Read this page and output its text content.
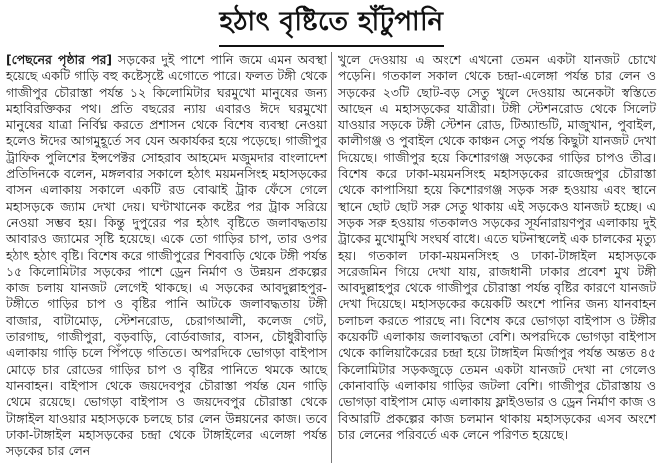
হঠাৎ বৃষ্টিতে হাঁটুপানি
[পেছনের পৃষ্ঠার পর] সড়কের দুই পাশে পানি জমে এমন অবস্থা হয়েছে একটি গাড়ি বহু কষ্টেসৃষ্টে এগোতে পারে। ফলত টঙ্গী থেকে গাজীপুর চৌরাস্তা পর্যন্ত ১২ কিলোমিটার ঘরমুখো মানুষের জন্য মহাবিরক্তিকর পথ। প্রতি বছরের ন্যায় এবারও ঈদে ঘরমুখো মানুষের যাত্রা নির্বিঘ্ন করতে প্রশাসন থেকে বিশেষ ব্যবস্থা নেওয়া হলেও ঈদের আগমুহূর্তে সব যেন অকার্যকর হয়ে পড়েছে। গাজীপুর ট্রাফিক পুলিশের ইন্সপেক্টর সোহরাব আহমেদ মজুমদার বাংলাদেশ প্রতিদিনকে বলেন, মঙ্গলবার সকালে হঠাৎ ময়মনসিংহ মহাসড়কের বাসন এলাকায় সকালে একটি রড বোঝাই ট্রাক ফেঁসে গেলে মহাসড়কে জ্যাম দেখা দেয়। ঘণ্টাখানেক কষ্টের পর ট্রাক সরিয়ে নেওয়া সম্ভব হয়। কিন্তু দুপুরের পর হঠাৎ বৃষ্টিতে জলাবদ্ধতায় আবারও জ্যামের সৃষ্টি হয়েছে। একে তো গাড়ির চাপ, তার ওপর হঠাৎ হঠাৎ বৃষ্টি। বিশেষ করে গাজীপুরের শিববাড়ি থেকে টঙ্গী পর্যন্ত ১৫ কিলোমিটার সড়কের পাশে ড্রেন নির্মাণ ও উন্নয়ন প্রকল্পের কাজ চলায় যানজট লেগেই থাকছে। এ সড়কের আবদুল্লাহপুর-টঙ্গীতে গাড়ির চাপ ও বৃষ্টির পানি আটকে জলাবদ্ধতায় টঙ্গী বাজার, বাটামোড়, স্টেশনরোড, চেরাগআলী, কলেজ গেট, তারগাছ, গাজীপুরা, বড়বাড়ি, বোর্ডবাজার, বাসন, চৌধুরীবাড়ি এলাকায় গাড়ি চলে পিঁপড়ে গতিতে। অপরদিকে ভোগড়া বাইপাস মোড়ে চার রোডের গাড়ির চাপ ও বৃষ্টির পানিতে থমকে আছে যানবাহন। বাইপাস থেকে জয়দেবপুর চৌরাস্তা পর্যন্ত যেন গাড়ি থেমে রয়েছে। ভোগড়া বাইপাস ও জয়দেবপুর চৌরাস্তা থেকে টাঙ্গাইল যাওয়ার মহাসড়কে চলছে চার লেন উন্নয়নের কাজ। তবে ঢাকা-টাঙ্গাইল মহাসড়কের চন্দ্রা থেকে টাঙ্গাইলের এলেঙ্গা পর্যন্ত সড়কের চার লেন
খুলে দেওয়ায় এ অংশে এখনো তেমন একটা যানজট চোখে পড়েনি। গতকাল সকাল থেকে চন্দ্রা-এলেঙ্গা পর্যন্ত চার লেন ও সড়কের ২৩টি ছোট-বড় সেতু খুলে দেওয়ায় অনেকটা স্বস্তিতে আছেন এ মহাসড়কের যাত্রীরা। টঙ্গী স্টেশনরোড থেকে সিলেট যাওয়ার সড়কে টঙ্গী স্টেশন রোড, টিঅ্যান্ডটি, মাজুখান, পুবাইল, কালীগঞ্জ ও পুবাইল থেকে কাঞ্চন সেতু পর্যন্ত কিছুটা যানজট দেখা দিয়েছে। গাজীপুর হয়ে কিশোরগঞ্জ সড়কের গাড়ির চাপও তীব্র। বিশেষ করে ঢাকা-ময়মনসিংহ মহাসড়কের রাজেন্দ্রপুর চৌরাস্তা থেকে কাপাসিয়া হয়ে কিশোরগঞ্জ সড়ক সরু হওয়ায় এবং স্থানে স্থানে ছোট ছোট সরু সেতু থাকায় এই সড়কেও যানজট হচ্ছে। এ সড়ক সরু হওয়ায় গতকালও সড়কের সূর্যনারায়ণপুর এলাকায় দুই ট্রাকের মুখোমুখি সংঘর্ষ বাধে। এতে ঘটনাস্থলেই এক চালকের মৃত্যু হয়। গতকাল ঢাকা-ময়মনসিংহ ও ঢাকা-টাঙ্গাইল মহাসড়কে সরেজমিন গিয়ে দেখা যায়, রাজধানী ঢাকার প্রবেশ মুখ টঙ্গী আবদুল্লাহপুর থেকে গাজীপুর চৌরাস্তা পর্যন্ত বৃষ্টির কারণে যানজট দেখা দিয়েছে। মহাসড়কের কয়েকটি অংশে পানির জন্য যানবাহন চলাচল করতে পারছে না। বিশেষ করে ভোগড়া বাইপাস ও টঙ্গীর কয়েকটি এলাকায় জলাবদ্ধতা বেশি। অপরদিকে ভোগড়া বাইপাস থেকে কালিয়াকৈরের চন্দ্রা হয়ে টাঙ্গাইল মির্জাপুর পর্যন্ত অন্তত ৪৫ কিলোমিটার সড়কজুড়ে তেমন একটা যানজট দেখা না গেলেও কোনাবাড়ি এলাকায় গাড়ির জটলা বেশি। গাজীপুর চৌরাস্তায় ও ভোগড়া বাইপাস মোড় এলাকায় ফ্লাইওভার ও ড্রেন নির্মাণ কাজ ও বিআরটি প্রকল্পের কাজ চলমান থাকায় মহাসড়কের এসব অংশে চার লেনের পরিবর্তে এক লেনে পরিণত হয়েছে।
